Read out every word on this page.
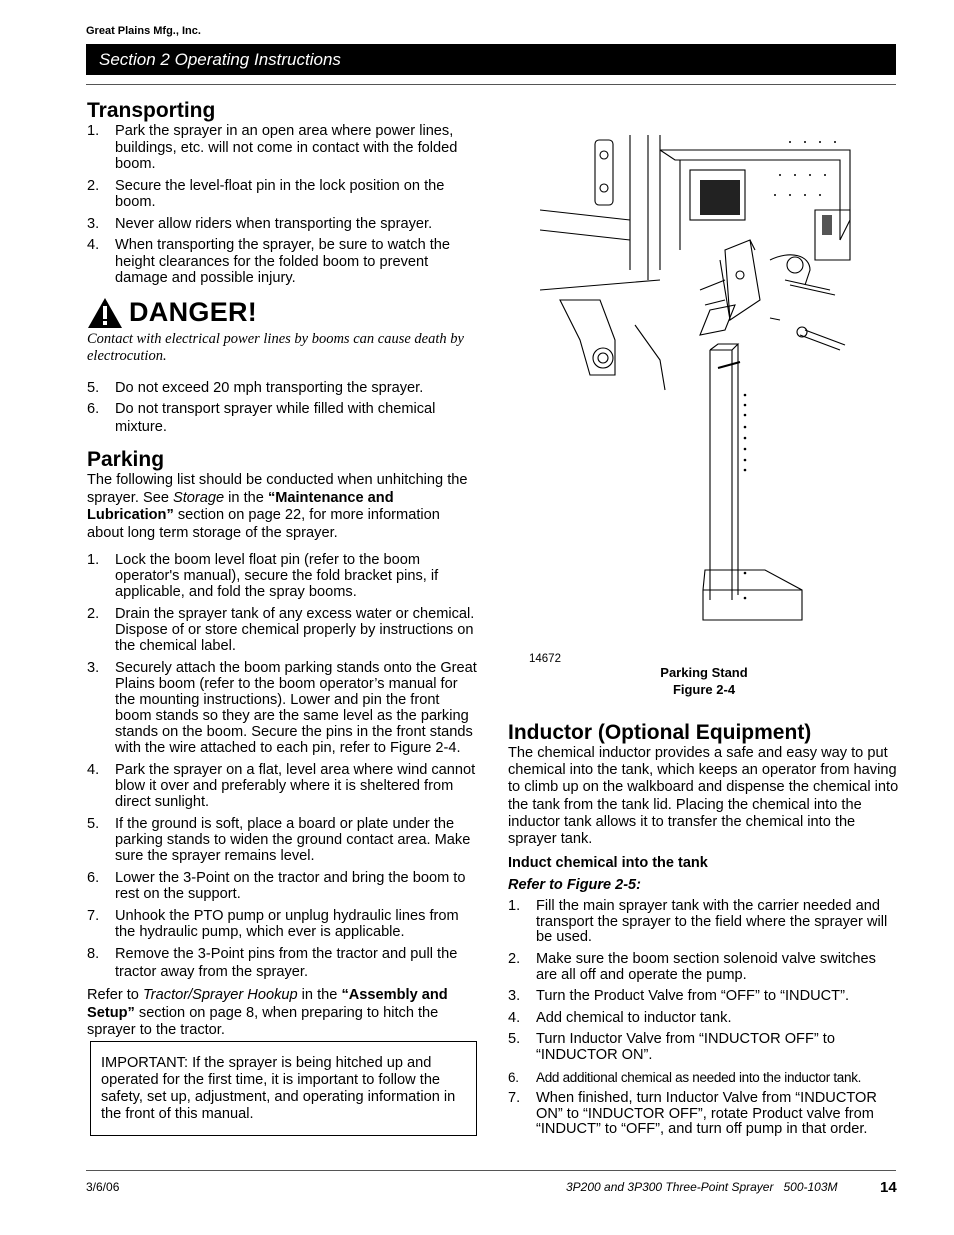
Great Plains Mfg., Inc.
Section 2 Operating Instructions
Transporting
1. Park the sprayer in an open area where power lines, buildings, etc. will not come in contact with the folded boom.
2. Secure the level-float pin in the lock position on the boom.
3. Never allow riders when transporting the sprayer.
4. When transporting the sprayer, be sure to watch the height clearances for the folded boom to prevent damage and possible injury.
DANGER!
Contact with electrical power lines by booms can cause death by electrocution.
5. Do not exceed 20 mph transporting the sprayer.
6. Do not transport sprayer while filled with chemical mixture.
Parking

The following list should be conducted when unhitching the sprayer. See Storage in the “Maintenance and Lubrication” section on page 22, for more information about long term storage of the sprayer.

1. Lock the boom level float pin (refer to the boom operator's manual), secure the fold bracket pins, if applicable, and fold the spray booms.
2. Drain the sprayer tank of any excess water or chemical. Dispose of or store chemical properly by instructions on the chemical label.
3. Securely attach the boom parking stands onto the Great Plains boom (refer to the boom operator’s manual for the mounting instructions). Lower and pin the front boom stands so they are the same level as the parking stands on the boom. Secure the pins in the front stands with the wire attached to each pin, refer to Figure 2-4.
4. Park the sprayer on a flat, level area where wind cannot blow it over and preferably where it is sheltered from direct sunlight.
5. If the ground is soft, place a board or plate under the parking stands to widen the ground contact area. Make sure the sprayer remains level.
6. Lower the 3-Point on the tractor and bring the boom to rest on the support.
7. Unhook the PTO pump or unplug hydraulic lines from the hydraulic pump, which ever is applicable.
8. Remove the 3-Point pins from the tractor and pull the tractor away from the sprayer.

Refer to Tractor/Sprayer Hookup in the “Assembly and Setup” section on page 8, when preparing to hitch the sprayer to the tractor.

IMPORTANT: If the sprayer is being hitched up and operated for the first time, it is important to follow the safety, set up, adjustment, and operating information in the front of this manual.
14672
Parking Stand
Figure 2-4
Inductor (Optional Equipment)

The chemical inductor provides a safe and easy way to put chemical into the tank, which keeps an operator from having to climb up on the walkboard and dispense the chemical into the tank from the tank lid. Placing the chemical into the inductor tank allows it to transfer the chemical into the sprayer tank.

Induct chemical into the tank
Refer to Figure 2-5:
1. Fill the main sprayer tank with the carrier needed and transport the sprayer to the field where the sprayer will be used.
2. Make sure the boom section solenoid valve switches are all off and operate the pump.
3. Turn the Product Valve from “OFF” to “INDUCT”.
4. Add chemical to inductor tank.
5. Turn Inductor Valve from “INDUCTOR OFF” to “INDUCTOR ON”.
6. Add additional chemical as needed into the inductor tank.
7. When finished, turn Inductor Valve from “INDUCTOR ON” to “INDUCTOR OFF”, rotate Product valve from “INDUCT” to “OFF”, and turn off pump in that order.
3/6/06	3P200 and 3P300 Three-Point Sprayer   500-103M	14
